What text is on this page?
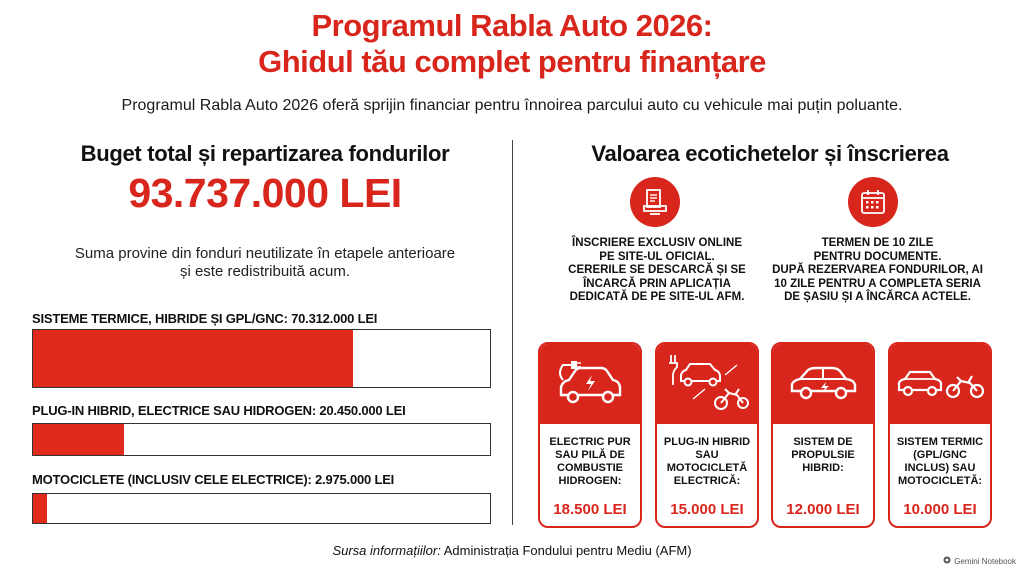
Programul Rabla Auto 2026:
Ghidul tău complet pentru finanțare
Programul Rabla Auto 2026 oferă sprijin financiar pentru înnoirea parcului auto cu vehicule mai puțin poluante.
Buget total și repartizarea fondurilor
93.737.000 LEI
Suma provine din fonduri neutilizate în etapele anterioare
și este redistribuită acum.
SISTEME TERMICE, HIBRIDE ȘI GPL/GNC: 70.312.000 LEI
PLUG-IN HIBRID, ELECTRICE SAU HIDROGEN: 20.450.000 LEI
MOTOCICLETE (INCLUSIV CELE ELECTRICE): 2.975.000 LEI
Valoarea ecotichetelor și înscrierea
ÎNSCRIERE EXCLUSIV ONLINE
PE SITE-UL OFICIAL.
CERERILE SE DESCARCĂ ȘI SE
ÎNCARCĂ PRIN APLICAȚIA
DEDICATĂ DE PE SITE-UL AFM.
TERMEN DE 10 ZILE
PENTRU DOCUMENTE.
DUPĂ REZERVAREA FONDURILOR, AI
10 ZILE PENTRU A COMPLETA SERIA
DE ȘASIU ȘI A ÎNCĂRCA ACTELE.
ELECTRIC PUR
SAU PILĂ DE
COMBUSTIE
HIDROGEN:
18.500 LEI
PLUG-IN HIBRID
SAU
MOTOCICLETĂ
ELECTRICĂ:
15.000 LEI
SISTEM DE
PROPULSIE
HIBRID:
12.000 LEI
SISTEM TERMIC
(GPL/GNC
INCLUS) SAU
MOTOCICLETĂ:
10.000 LEI
Sursa informațiilor: Administrația Fondului pentru Mediu (AFM)
Gemini Notebook
